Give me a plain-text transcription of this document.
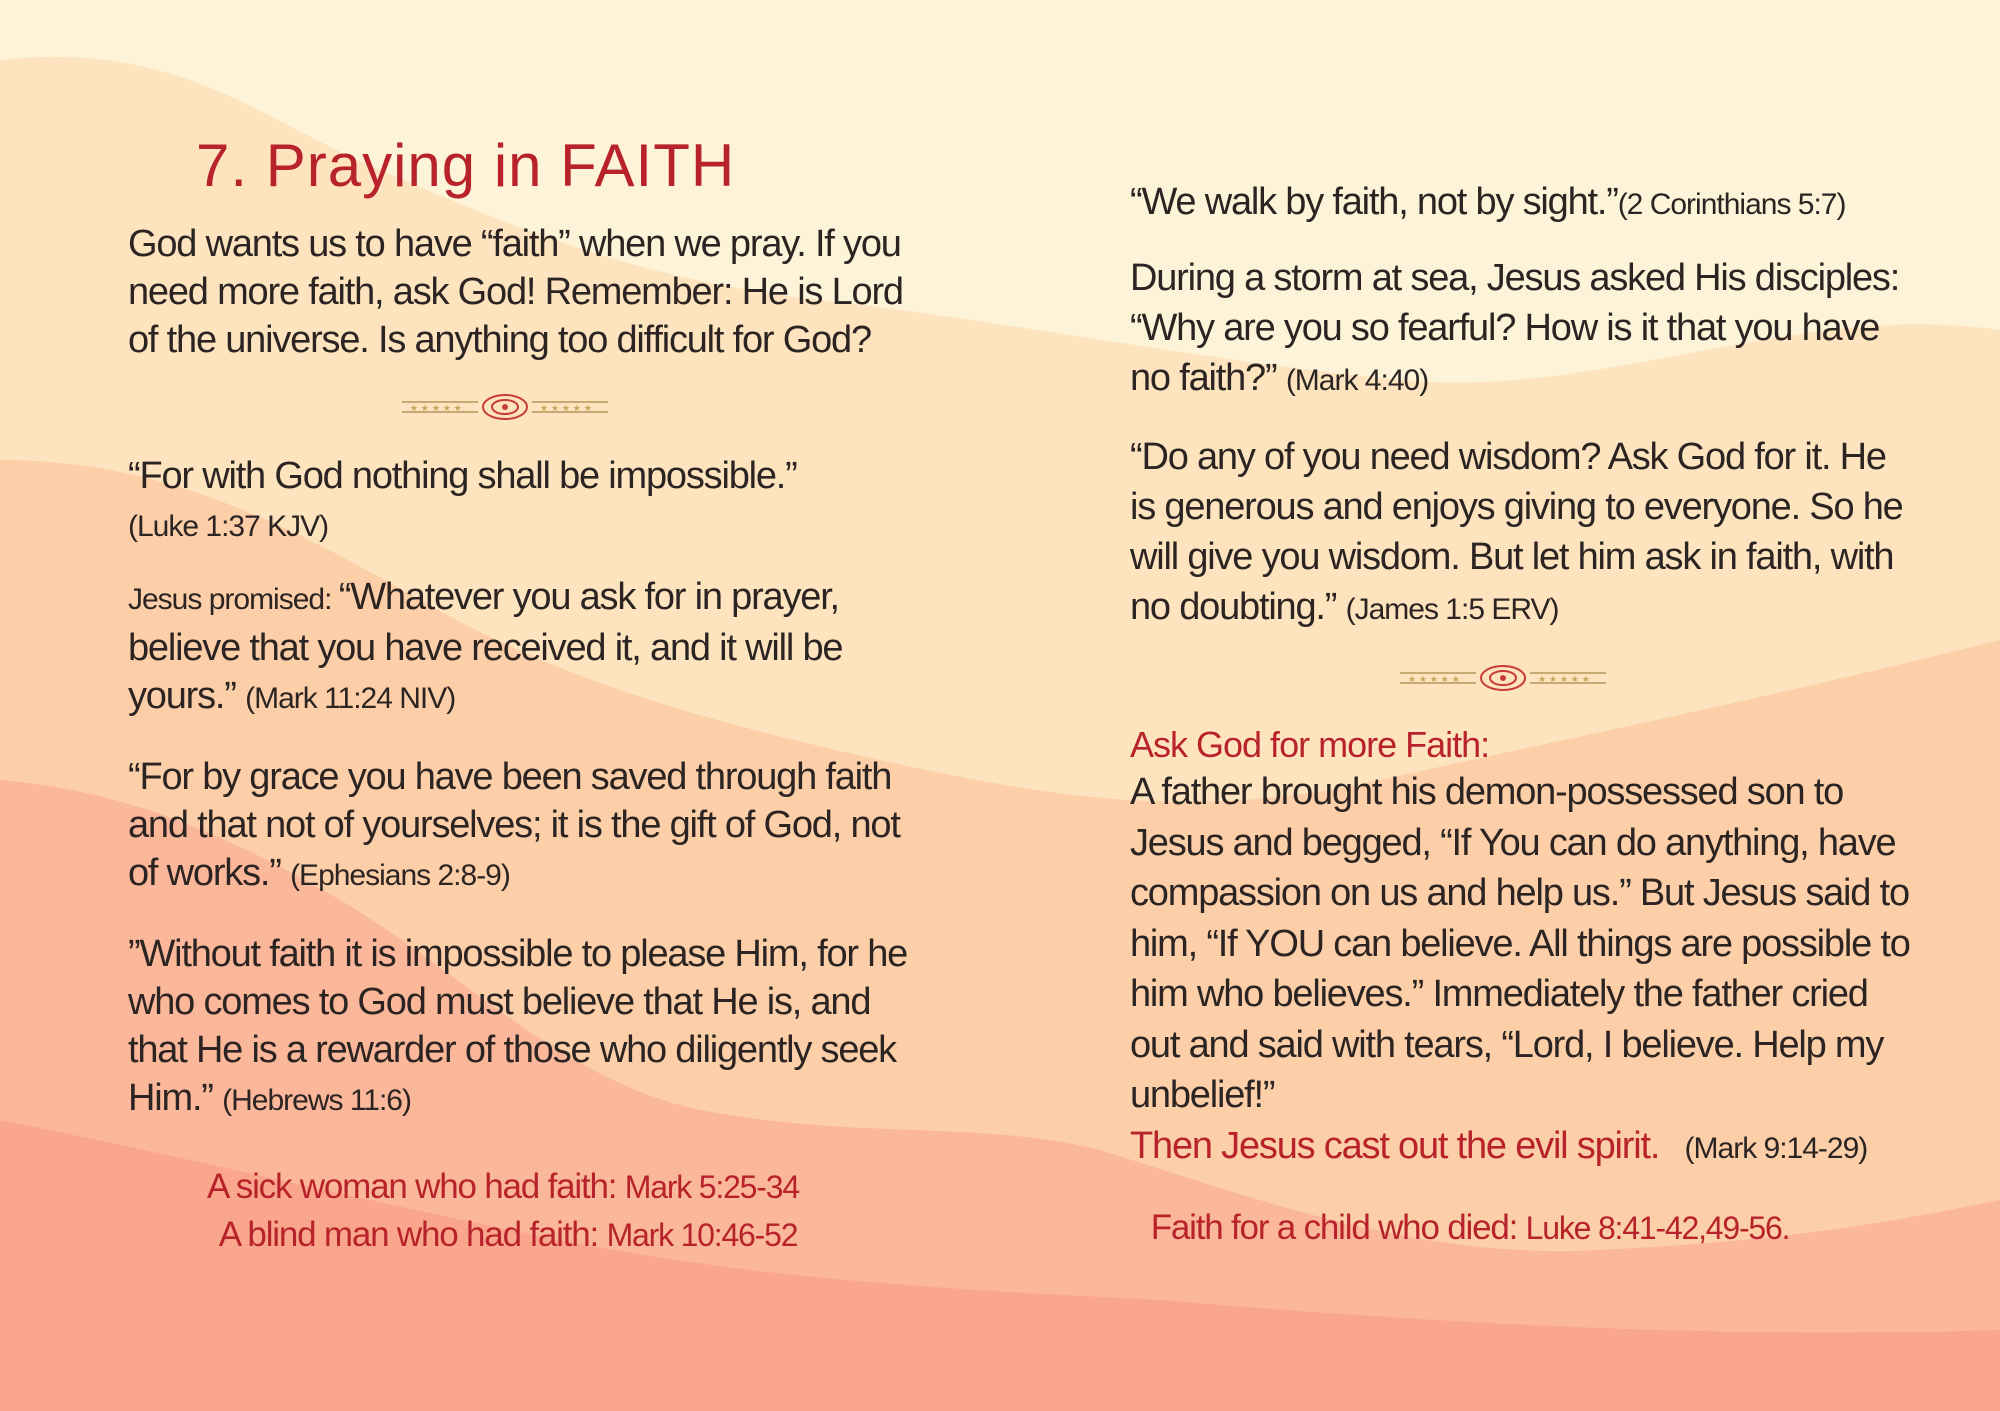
7. Praying in FAITH

God wants us to have “faith” when we pray. If you need more faith, ask God! Remember: He is Lord of the universe. Is anything too difficult for God?

★ ★ ★ ★ ★	★ ★ ★ ★ ★

“For with God nothing shall be impossible.”
(Luke 1:37 KJV)

Jesus promised: “Whatever you ask for in prayer, believe that you have received it, and it will be yours.” (Mark 11:24 NIV)

“For by grace you have been saved through faith and that not of yourselves; it is the gift of God, not of works.” (Ephesians 2:8-9)

”Without faith it is impossible to please Him, for he who comes to God must believe that He is, and that He is a rewarder of those who diligently seek Him.” (Hebrews 11:6)

A sick woman who had faith: Mark 5:25-34

A blind man who had faith: Mark 10:46-52

“We walk by faith, not by sight.”(2 Corinthians 5:7)

During a storm at sea, Jesus asked His disciples: “Why are you so fearful? How is it that you have no faith?” (Mark 4:40)

“Do any of you need wisdom? Ask God for it. He is generous and enjoys giving to everyone. So he will give you wisdom. But let him ask in faith, with no doubting.” (James 1:5 ERV)

★ ★ ★ ★ ★	★ ★ ★ ★ ★

Ask God for more Faith:

A father brought his demon-possessed son to Jesus and begged, “If You can do anything, have compassion on us and help us.” But Jesus said to him, “If YOU can believe. All things are possible to him who believes.” Immediately the father cried out and said with tears, “Lord, I believe. Help my unbelief!”
Then Jesus cast out the evil spirit. (Mark 9:14-29)

Faith for a child who died: Luke 8:41-42,49-56.
